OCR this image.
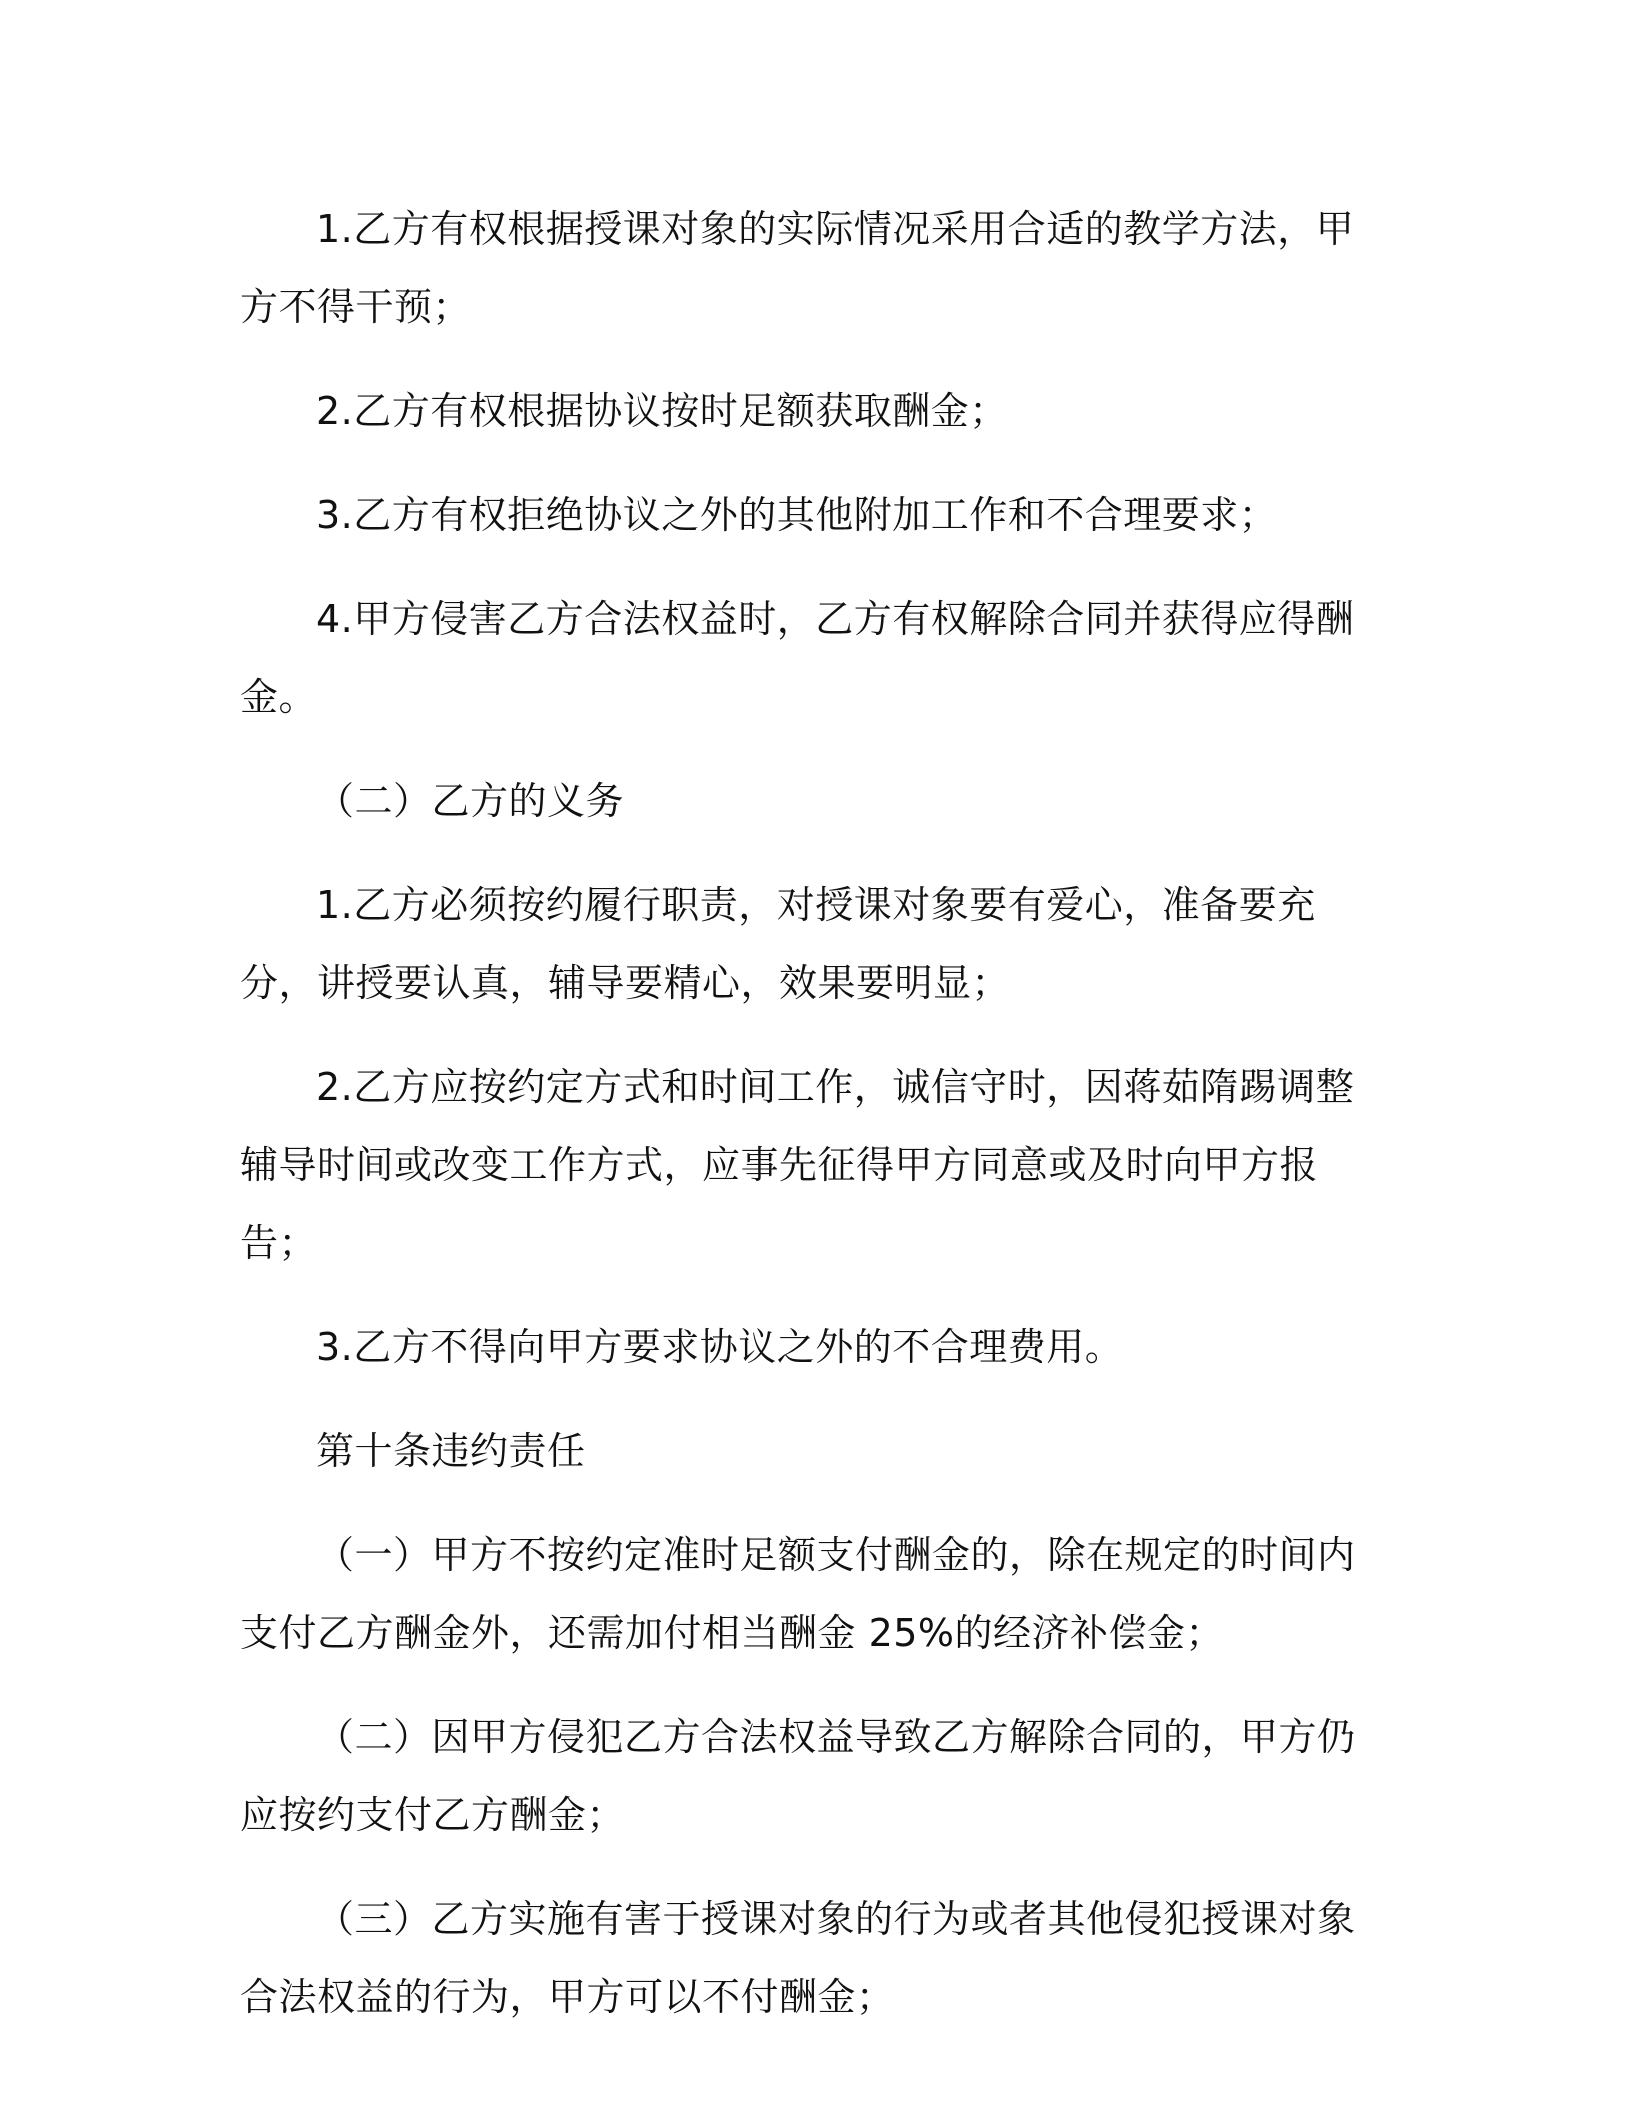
1.乙方有权根据授课对象的实际情况采用合适的教学方法，甲方不得干预；

2.乙方有权根据协议按时足额获取酬金；

3.乙方有权拒绝协议之外的其他附加工作和不合理要求；

4.甲方侵害乙方合法权益时，乙方有权解除合同并获得应得酬金。

（二）乙方的义务

1.乙方必须按约履行职责，对授课对象要有爱心，准备要充分，讲授要认真，辅导要精心，效果要明显；

2.乙方应按约定方式和时间工作，诚信守时，因蒋茹隋踢调整辅导时间或改变工作方式，应事先征得甲方同意或及时向甲方报告；

3.乙方不得向甲方要求协议之外的不合理费用。

第十条违约责任

（一）甲方不按约定准时足额支付酬金的，除在规定的时间内支付乙方酬金外，还需加付相当酬金 25%的经济补偿金；

（二）因甲方侵犯乙方合法权益导致乙方解除合同的，甲方仍应按约支付乙方酬金；

（三）乙方实施有害于授课对象的行为或者其他侵犯授课对象合法权益的行为，甲方可以不付酬金；
